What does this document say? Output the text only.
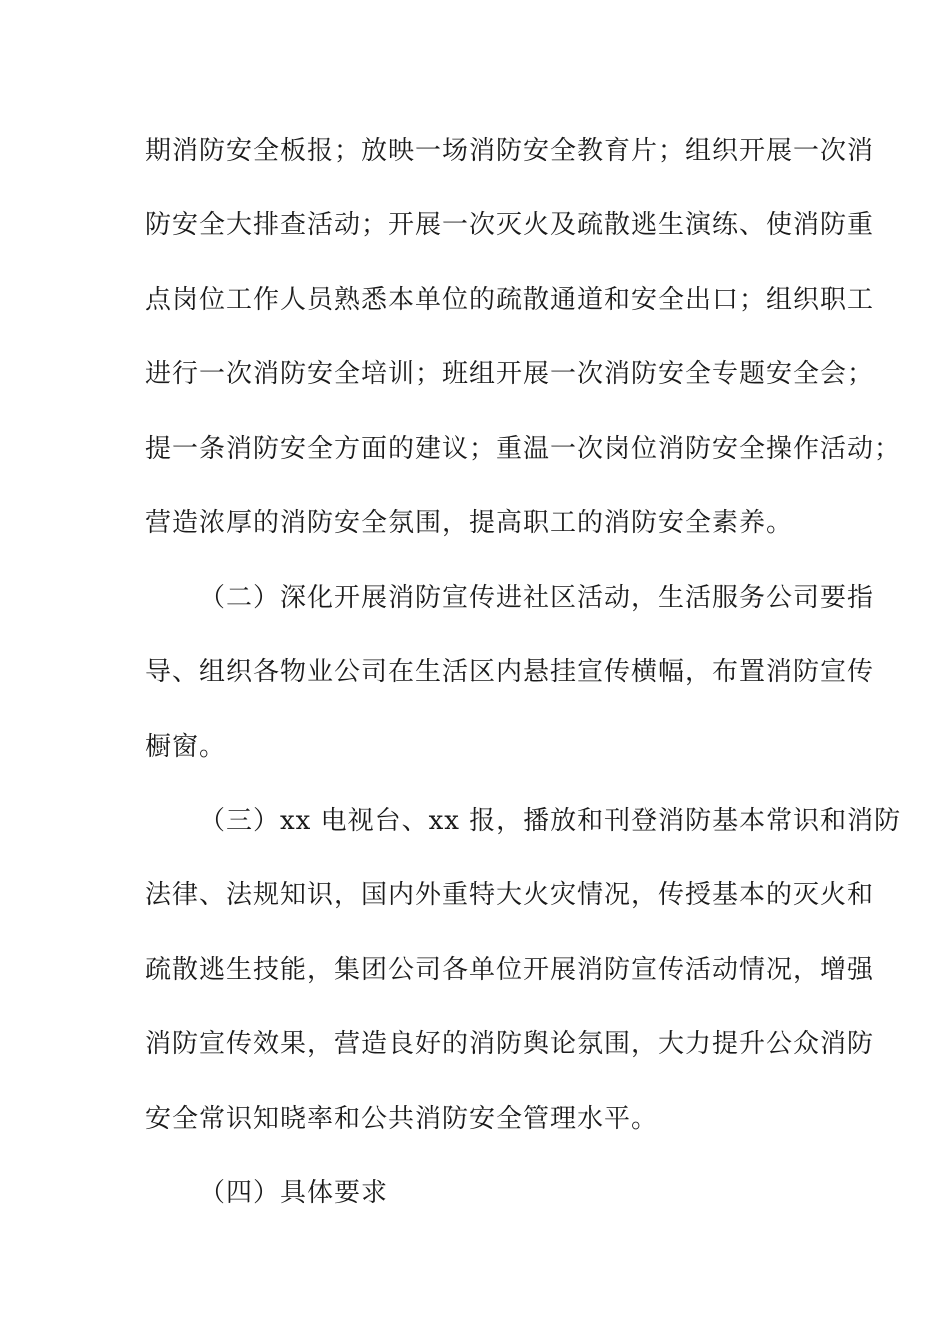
期消防安全板报；放映一场消防安全教育片；组织开展一次消
防安全大排查活动；开展一次灭火及疏散逃生演练、使消防重
点岗位工作人员熟悉本单位的疏散通道和安全出口；组织职工
进行一次消防安全培训；班组开展一次消防安全专题安全会；
提一条消防安全方面的建议；重温一次岗位消防安全操作活动；
营造浓厚的消防安全氛围，提高职工的消防安全素养。
（二）深化开展消防宣传进社区活动，生活服务公司要指
导、组织各物业公司在生活区内悬挂宣传横幅，布置消防宣传
橱窗。
（三）xx 电视台、xx 报，播放和刊登消防基本常识和消防
法律、法规知识，国内外重特大火灾情况，传授基本的灭火和
疏散逃生技能，集团公司各单位开展消防宣传活动情况，增强
消防宣传效果，营造良好的消防舆论氛围，大力提升公众消防
安全常识知晓率和公共消防安全管理水平。
（四）具体要求
